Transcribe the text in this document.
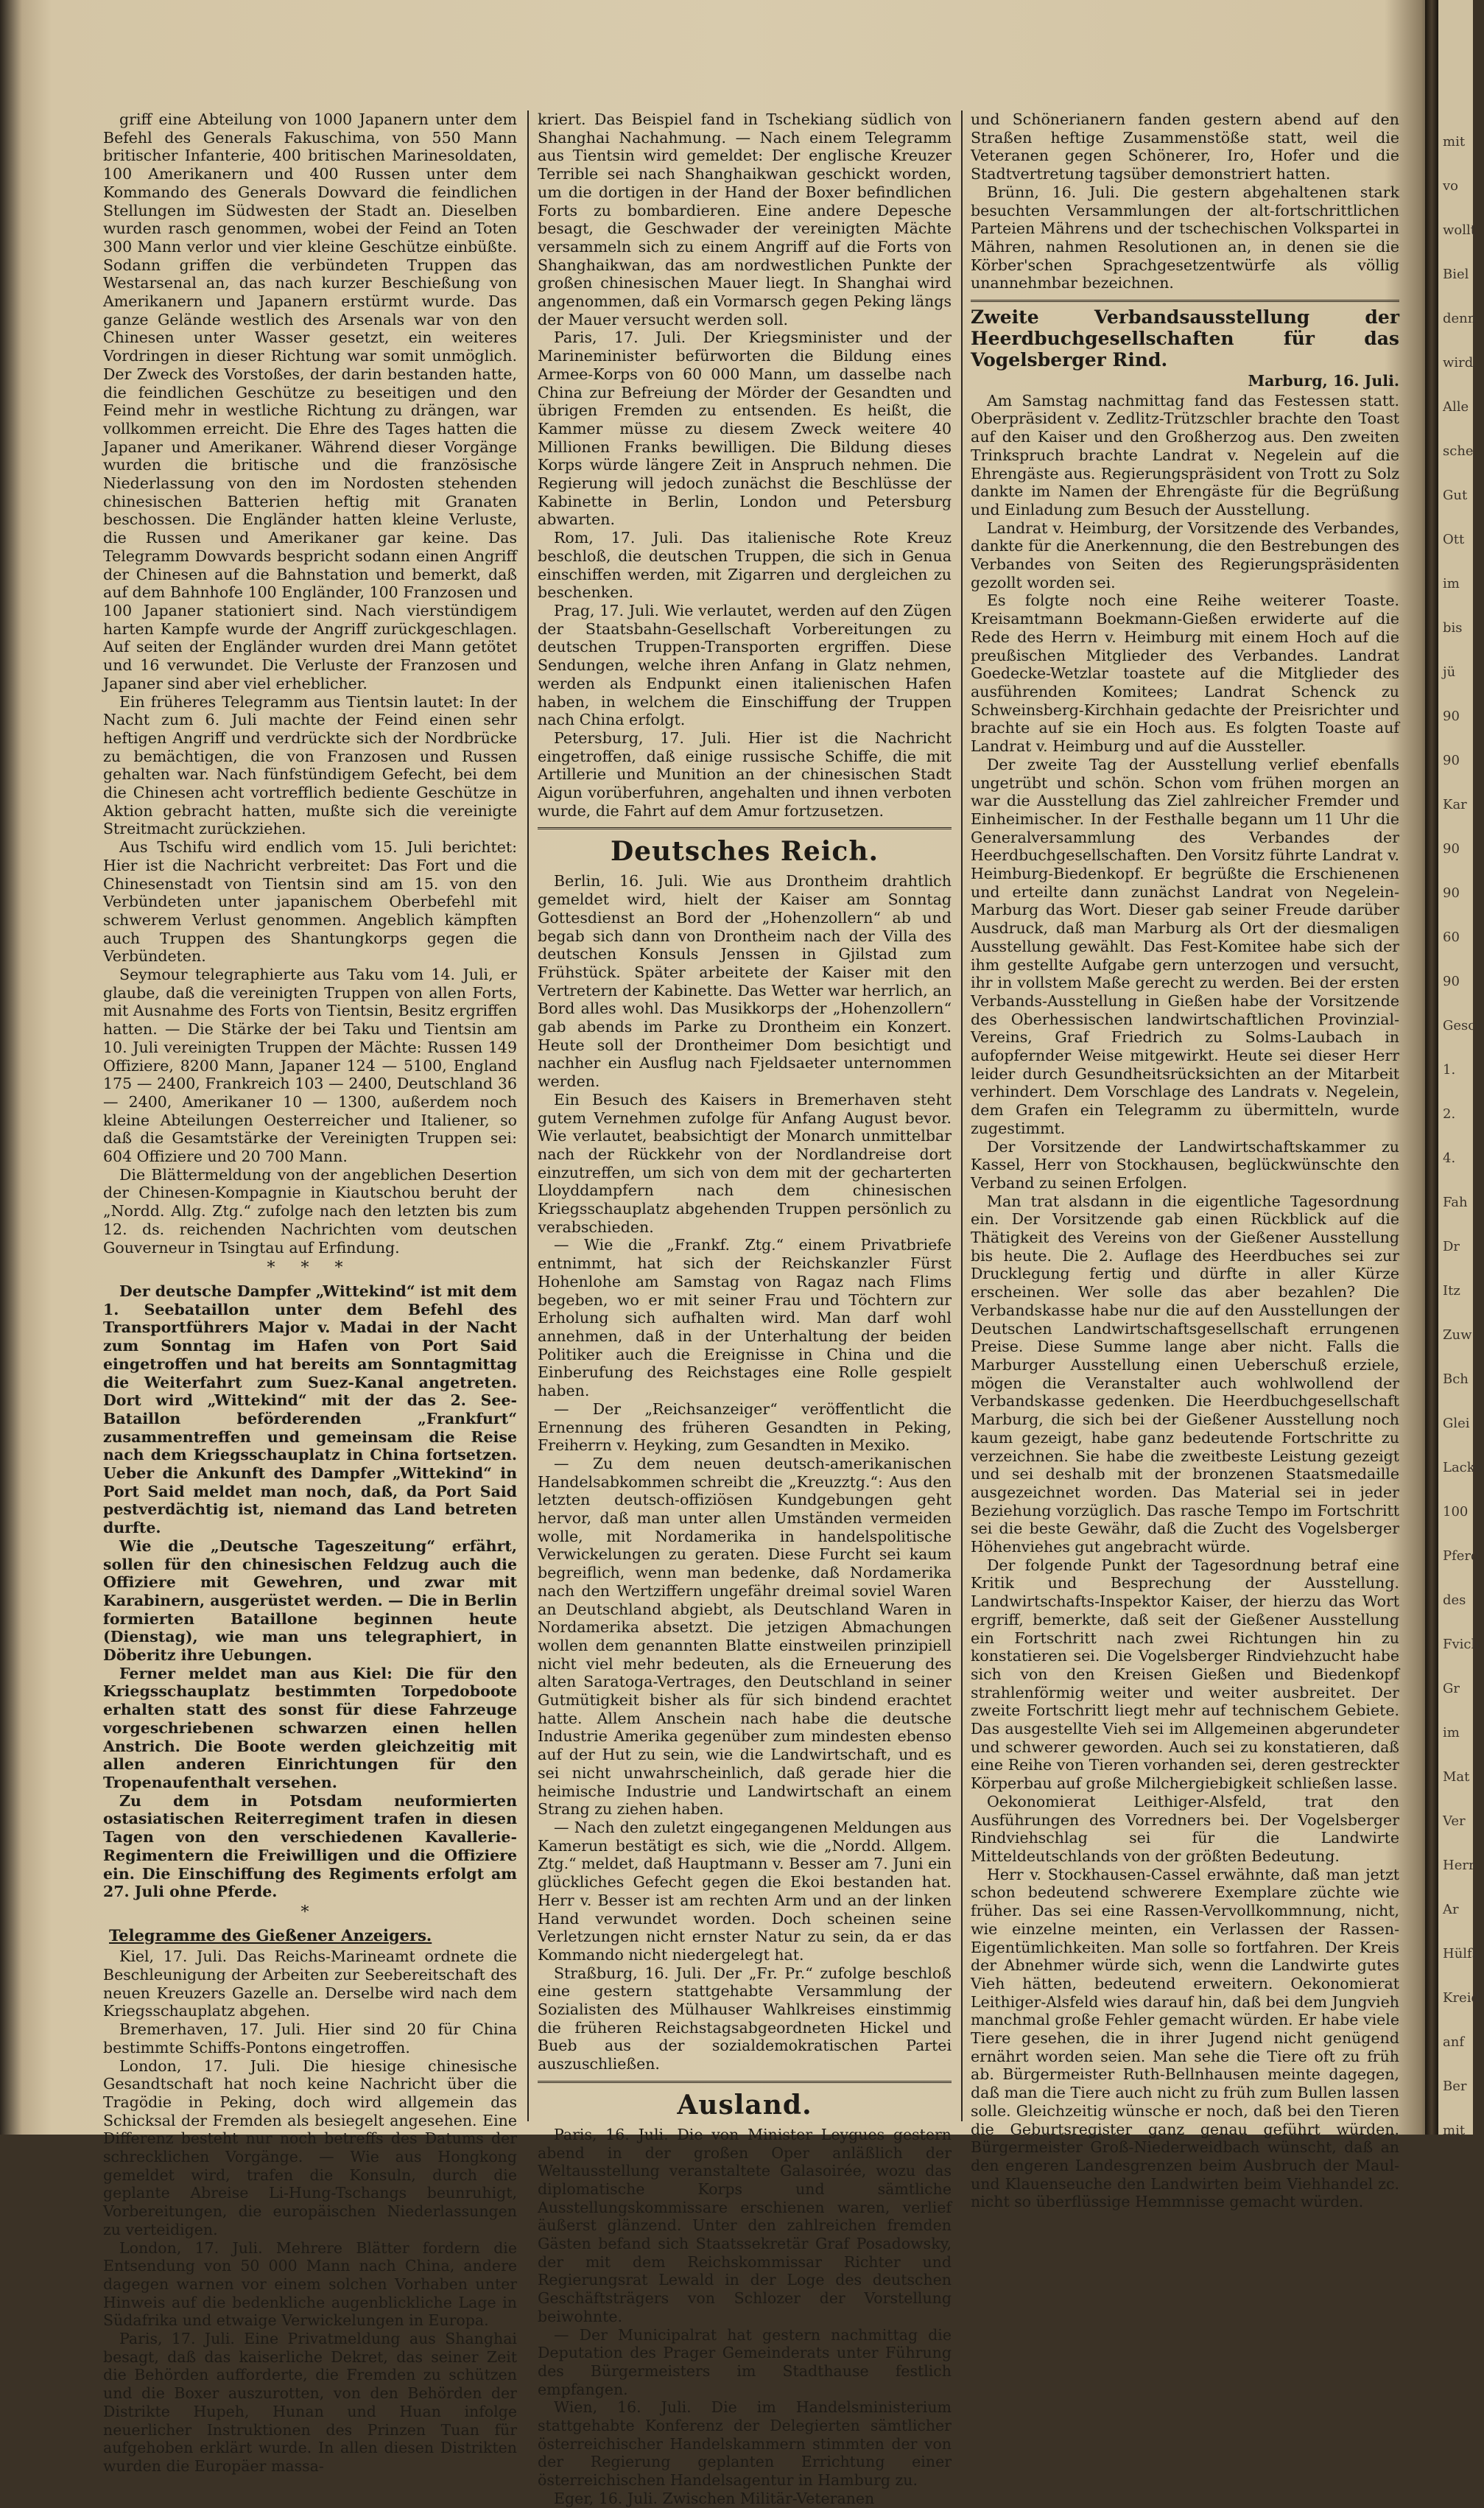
mit
vo
wollt
Biel
denn
wird
Alle
sche
Gut
Ott
im
bis
jü
90
90
Kar
90
90
60
90
Gesch
1.
2.
4.
Fah
Dr
Itz
Zuw
Bch
Glei
Lacke
100
Pferd
des
Fvich
Gr
im
Mat
Ver
Herr
Ar
Hülfs
Kreid
anf
Ber
mit

griff eine Abteilung von 1000 Japanern unter dem Befehl des Generals Fakuschima, von 550 Mann britischer Infanterie, 400 britischen Marinesoldaten, 100 Amerikanern und 400 Russen unter dem Kommando des Generals Dowvard die feindlichen Stellungen im Südwesten der Stadt an. Dieselben wurden rasch genommen, wobei der Feind an Toten 300 Mann verlor und vier kleine Geschütze einbüßte. Sodann griffen die verbündeten Truppen das Westarsenal an, das nach kurzer Beschießung von Amerikanern und Japanern erstürmt wurde. Das ganze Gelände westlich des Arsenals war von den Chinesen unter Wasser gesetzt, ein weiteres Vordringen in dieser Richtung war somit unmöglich. Der Zweck des Vorstoßes, der darin bestanden hatte, die feindlichen Geschütze zu beseitigen und den Feind mehr in westliche Richtung zu drängen, war vollkommen erreicht. Die Ehre des Tages hatten die Japaner und Amerikaner. Während dieser Vorgänge wurden die britische und die französische Niederlassung von den im Nordosten stehenden chinesischen Batterien heftig mit Granaten beschossen. Die Engländer hatten kleine Verluste, die Russen und Amerikaner gar keine. Das Telegramm Dowvards bespricht sodann einen Angriff der Chinesen auf die Bahnstation und bemerkt, daß auf dem Bahnhofe 100 Engländer, 100 Franzosen und 100 Japaner stationiert sind. Nach vierstündigem harten Kampfe wurde der Angriff zurückgeschlagen. Auf seiten der Engländer wurden drei Mann getötet und 16 verwundet. Die Verluste der Franzosen und Japaner sind aber viel erheblicher.

Ein früheres Telegramm aus Tientsin lautet: In der Nacht zum 6. Juli machte der Feind einen sehr heftigen Angriff und verdrückte sich der Nordbrücke zu bemächtigen, die von Franzosen und Russen gehalten war. Nach fünfstündigem Gefecht, bei dem die Chinesen acht vortrefflich bediente Geschütze in Aktion gebracht hatten, mußte sich die vereinigte Streitmacht zurückziehen.

Aus Tschifu wird endlich vom 15. Juli berichtet: Hier ist die Nachricht verbreitet: Das Fort und die Chinesenstadt von Tientsin sind am 15. von den Verbündeten unter japanischem Oberbefehl mit schwerem Verlust genommen. Angeblich kämpften auch Truppen des Shantungkorps gegen die Verbündeten.

Seymour telegraphierte aus Taku vom 14. Juli, er glaube, daß die vereinigten Truppen von allen Forts, mit Ausnahme des Forts von Tientsin, Besitz ergriffen hatten. — Die Stärke der bei Taku und Tientsin am 10. Juli vereinigten Truppen der Mächte: Russen 149 Offiziere, 8200 Mann, Japaner 124 — 5100, England 175 — 2400, Frankreich 103 — 2400, Deutschland 36 — 2400, Amerikaner 10 — 1300, außerdem noch kleine Abteilungen Oesterreicher und Italiener, so daß die Gesamtstärke der Vereinigten Truppen sei: 604 Offiziere und 20 700 Mann.

Die Blättermeldung von der angeblichen Desertion der Chinesen-Kompagnie in Kiautschou beruht der „Nordd. Allg. Ztg.“ zufolge nach den letzten bis zum 12. ds. reichenden Nachrichten vom deutschen Gouverneur in Tsingtau auf Erfindung.

* * *

Der deutsche Dampfer „Wittekind“ ist mit dem 1. Seebataillon unter dem Befehl des Transportführers Major v. Madai in der Nacht zum Sonntag im Hafen von Port Said eingetroffen und hat bereits am Sonntagmittag die Weiterfahrt zum Suez-Kanal angetreten. Dort wird „Wittekind“ mit der das 2. See-Bataillon beförderenden „Frankfurt“ zusammentreffen und gemeinsam die Reise nach dem Kriegsschauplatz in China fortsetzen. Ueber die Ankunft des Dampfer „Wittekind“ in Port Said meldet man noch, daß, da Port Said pestverdächtig ist, niemand das Land betreten durfte.

Wie die „Deutsche Tageszeitung“ erfährt, sollen für den chinesischen Feldzug auch die Offiziere mit Gewehren, und zwar mit Karabinern, ausgerüstet werden. — Die in Berlin formierten Bataillone beginnen heute (Dienstag), wie man uns telegraphiert, in Döberitz ihre Uebungen.

Ferner meldet man aus Kiel: Die für den Kriegsschauplatz bestimmten Torpedoboote erhalten statt des sonst für diese Fahrzeuge vorgeschriebenen schwarzen einen hellen Anstrich. Die Boote werden gleichzeitig mit allen anderen Einrichtungen für den Tropenaufenthalt versehen.

Zu dem in Potsdam neuformierten ostasiatischen Reiterregiment trafen in diesen Tagen von den verschiedenen Kavallerie-Regimentern die Freiwilligen und die Offiziere ein. Die Einschiffung des Regiments erfolgt am 27. Juli ohne Pferde.

*
Telegramme des Gießener Anzeigers.

Kiel, 17. Juli. Das Reichs-Marineamt ordnete die Beschleunigung der Arbeiten zur Seebereitschaft des neuen Kreuzers Gazelle an. Derselbe wird nach dem Kriegsschauplatz abgehen.

Bremerhaven, 17. Juli. Hier sind 20 für China bestimmte Schiffs-Pontons eingetroffen.

London, 17. Juli. Die hiesige chinesische Gesandtschaft hat noch keine Nachricht über die Tragödie in Peking, doch wird allgemein das Schicksal der Fremden als besiegelt angesehen. Eine Differenz besteht nur noch betreffs des Datums der schrecklichen Vorgänge. — Wie aus Hongkong gemeldet wird, trafen die Konsuln, durch die geplante Abreise Li-Hung-Tschangs beunruhigt, Vorbereitungen, die europäischen Niederlassungen zu verteidigen.

London, 17. Juli. Mehrere Blätter fordern die Entsendung von 50 000 Mann nach China, andere dagegen warnen vor einem solchen Vorhaben unter Hinweis auf die bedenkliche augenblickliche Lage in Südafrika und etwaige Verwickelungen in Europa.

Paris, 17. Juli. Eine Privatmeldung aus Shanghai besagt, daß das kaiserliche Dekret, das seiner Zeit die Behörden aufforderte, die Fremden zu schützen und die Boxer auszurotten, von den Behörden der Distrikte Hupeh, Hunan und Huan infolge neuerlicher Instruktionen des Prinzen Tuan für aufgehoben erklärt wurde. In allen diesen Distrikten wurden die Europäer massa-

kriert. Das Beispiel fand in Tschekiang südlich von Shanghai Nachahmung. — Nach einem Telegramm aus Tientsin wird gemeldet: Der englische Kreuzer Terrible sei nach Shanghaikwan geschickt worden, um die dortigen in der Hand der Boxer befindlichen Forts zu bombardieren. Eine andere Depesche besagt, die Geschwader der vereinigten Mächte versammeln sich zu einem Angriff auf die Forts von Shanghaikwan, das am nordwestlichen Punkte der großen chinesischen Mauer liegt. In Shanghai wird angenommen, daß ein Vormarsch gegen Peking längs der Mauer versucht werden soll.

Paris, 17. Juli. Der Kriegsminister und der Marineminister befürworten die Bildung eines Armee-Korps von 60 000 Mann, um dasselbe nach China zur Befreiung der Mörder der Gesandten und übrigen Fremden zu entsenden. Es heißt, die Kammer müsse zu diesem Zweck weitere 40 Millionen Franks bewilligen. Die Bildung dieses Korps würde längere Zeit in Anspruch nehmen. Die Regierung will jedoch zunächst die Beschlüsse der Kabinette in Berlin, London und Petersburg abwarten.

Rom, 17. Juli. Das italienische Rote Kreuz beschloß, die deutschen Truppen, die sich in Genua einschiffen werden, mit Zigarren und dergleichen zu beschenken.

Prag, 17. Juli. Wie verlautet, werden auf den Zügen der Staatsbahn-Gesellschaft Vorbereitungen zu deutschen Truppen-Transporten ergriffen. Diese Sendungen, welche ihren Anfang in Glatz nehmen, werden als Endpunkt einen italienischen Hafen haben, in welchem die Einschiffung der Truppen nach China erfolgt.

Petersburg, 17. Juli. Hier ist die Nachricht eingetroffen, daß einige russische Schiffe, die mit Artillerie und Munition an der chinesischen Stadt Aigun vorüberfuhren, angehalten und ihnen verboten wurde, die Fahrt auf dem Amur fortzusetzen.

Deutsches Reich.

Berlin, 16. Juli. Wie aus Drontheim drahtlich gemeldet wird, hielt der Kaiser am Sonntag Gottesdienst an Bord der „Hohenzollern“ ab und begab sich dann von Drontheim nach der Villa des deutschen Konsuls Jenssen in Gjilstad zum Frühstück. Später arbeitete der Kaiser mit den Vertretern der Kabinette. Das Wetter war herrlich, an Bord alles wohl. Das Musikkorps der „Hohenzollern“ gab abends im Parke zu Drontheim ein Konzert. Heute soll der Drontheimer Dom besichtigt und nachher ein Ausflug nach Fjeldsaeter unternommen werden.

Ein Besuch des Kaisers in Bremerhaven steht gutem Vernehmen zufolge für Anfang August bevor. Wie verlautet, beabsichtigt der Monarch unmittelbar nach der Rückkehr von der Nordlandreise dort einzutreffen, um sich von dem mit der gecharterten Lloyddampfern nach dem chinesischen Kriegsschauplatz abgehenden Truppen persönlich zu verabschieden.

— Wie die „Frankf. Ztg.“ einem Privatbriefe entnimmt, hat sich der Reichskanzler Fürst Hohenlohe am Samstag von Ragaz nach Flims begeben, wo er mit seiner Frau und Töchtern zur Erholung sich aufhalten wird. Man darf wohl annehmen, daß in der Unterhaltung der beiden Politiker auch die Ereignisse in China und die Einberufung des Reichstages eine Rolle gespielt haben.

— Der „Reichsanzeiger“ veröffentlicht die Ernennung des früheren Gesandten in Peking, Freiherrn v. Heyking, zum Gesandten in Mexiko.

— Zu dem neuen deutsch-amerikanischen Handelsabkommen schreibt die „Kreuzztg.“: Aus den letzten deutsch-offiziösen Kundgebungen geht hervor, daß man unter allen Umständen vermeiden wolle, mit Nordamerika in handelspolitische Verwickelungen zu geraten. Diese Furcht sei kaum begreiflich, wenn man bedenke, daß Nordamerika nach den Wertziffern ungefähr dreimal soviel Waren an Deutschland abgiebt, als Deutschland Waren in Nordamerika absetzt. Die jetzigen Abmachungen wollen dem genannten Blatte einstweilen prinzipiell nicht viel mehr bedeuten, als die Erneuerung des alten Saratoga-Vertrages, den Deutschland in seiner Gutmütigkeit bisher als für sich bindend erachtet hatte. Allem Anschein nach habe die deutsche Industrie Amerika gegenüber zum mindesten ebenso auf der Hut zu sein, wie die Landwirtschaft, und es sei nicht unwahrscheinlich, daß gerade hier die heimische Industrie und Landwirtschaft an einem Strang zu ziehen haben.

— Nach den zuletzt eingegangenen Meldungen aus Kamerun bestätigt es sich, wie die „Nordd. Allgem. Ztg.“ meldet, daß Hauptmann v. Besser am 7. Juni ein glückliches Gefecht gegen die Ekoi bestanden hat. Herr v. Besser ist am rechten Arm und an der linken Hand verwundet worden. Doch scheinen seine Verletzungen nicht ernster Natur zu sein, da er das Kommando nicht niedergelegt hat.

Straßburg, 16. Juli. Der „Fr. Pr.“ zufolge beschloß eine gestern stattgehabte Versammlung der Sozialisten des Mülhauser Wahlkreises einstimmig die früheren Reichstagsabgeordneten Hickel und Bueb aus der sozialdemokratischen Partei auszuschließen.

Ausland.

Paris, 16. Juli. Die von Minister Leygues gestern abend in der großen Oper anläßlich der Weltausstellung veranstaltete Galasoirée, wozu das diplomatische Korps und sämtliche Ausstellungskommissare erschienen waren, verlief äußerst glänzend. Unter den zahlreichen fremden Gästen befand sich Staatssekretär Graf Posadowsky, der mit dem Reichskommissar Richter und Regierungsrat Lewald in der Loge des deutschen Geschäftsträgers von Schlozer der Vorstellung beiwohnte.

— Der Municipalrat hat gestern nachmittag die Deputation des Prager Gemeinderats unter Führung des Bürgermeisters im Stadthause festlich empfangen.

Wien, 16. Juli. Die im Handelsministerium stattgehabte Konferenz der Delegierten sämtlicher österreichischer Handelskammern stimmten der von der Regierung geplanten Errichtung einer österreichischen Handelsagentur in Hamburg zu.

Eger, 16. Juli. Zwischen Militär-Veteranen

und Schönerianern fanden gestern abend auf den Straßen heftige Zusammenstöße statt, weil die Veteranen gegen Schönerer, Iro, Hofer und die Stadtvertretung tagsüber demonstriert hatten.

Brünn, 16. Juli. Die gestern abgehaltenen stark besuchten Versammlungen der alt-fortschrittlichen Parteien Mährens und der tschechischen Volkspartei in Mähren, nahmen Resolutionen an, in denen sie die Körber'schen Sprachgesetzentwürfe als völlig unannehmbar bezeichnen.

Zweite Verbandsausstellung der Heerdbuchgesellschaften für das Vogelsberger Rind.
Marburg, 16. Juli.

Am Samstag nachmittag fand das Festessen statt. Oberpräsident v. Zedlitz-Trützschler brachte den Toast auf den Kaiser und den Großherzog aus. Den zweiten Trinkspruch brachte Landrat v. Negelein auf die Ehrengäste aus. Regierungspräsident von Trott zu Solz dankte im Namen der Ehrengäste für die Begrüßung und Einladung zum Besuch der Ausstellung.

Landrat v. Heimburg, der Vorsitzende des Verbandes, dankte für die Anerkennung, die den Bestrebungen des Verbandes von Seiten des Regierungspräsidenten gezollt worden sei.

Es folgte noch eine Reihe weiterer Toaste. Kreisamtmann Boekmann-Gießen erwiderte auf die Rede des Herrn v. Heimburg mit einem Hoch auf die preußischen Mitglieder des Verbandes. Landrat Goedecke-Wetzlar toastete auf die Mitglieder des ausführenden Komitees; Landrat Schenck zu Schweinsberg-Kirchhain gedachte der Preisrichter und brachte auf sie ein Hoch aus. Es folgten Toaste auf Landrat v. Heimburg und auf die Aussteller.

Der zweite Tag der Ausstellung verlief ebenfalls ungetrübt und schön. Schon vom frühen morgen an war die Ausstellung das Ziel zahlreicher Fremder und Einheimischer. In der Festhalle begann um 11 Uhr die Generalversammlung des Verbandes der Heerdbuchgesellschaften. Den Vorsitz führte Landrat v. Heimburg-Biedenkopf. Er begrüßte die Erschienenen und erteilte dann zunächst Landrat von Negelein-Marburg das Wort. Dieser gab seiner Freude darüber Ausdruck, daß man Marburg als Ort der diesmaligen Ausstellung gewählt. Das Fest-Komitee habe sich der ihm gestellte Aufgabe gern unterzogen und versucht, ihr in vollstem Maße gerecht zu werden. Bei der ersten Verbands-Ausstellung in Gießen habe der Vorsitzende des Oberhessischen landwirtschaftlichen Provinzial-Vereins, Graf Friedrich zu Solms-Laubach in aufopfernder Weise mitgewirkt. Heute sei dieser Herr leider durch Gesundheitsrücksichten an der Mitarbeit verhindert. Dem Vorschlage des Landrats v. Negelein, dem Grafen ein Telegramm zu übermitteln, wurde zugestimmt.

Der Vorsitzende der Landwirtschaftskammer zu Kassel, Herr von Stockhausen, beglückwünschte den Verband zu seinen Erfolgen.

Man trat alsdann in die eigentliche Tagesordnung ein. Der Vorsitzende gab einen Rückblick auf die Thätigkeit des Vereins von der Gießener Ausstellung bis heute. Die 2. Auflage des Heerdbuches sei zur Drucklegung fertig und dürfte in aller Kürze erscheinen. Wer solle das aber bezahlen? Die Verbandskasse habe nur die auf den Ausstellungen der Deutschen Landwirtschaftsgesellschaft errungenen Preise. Diese Summe lange aber nicht. Falls die Marburger Ausstellung einen Ueberschuß erziele, mögen die Veranstalter auch wohlwollend der Verbandskasse gedenken. Die Heerdbuchgesellschaft Marburg, die sich bei der Gießener Ausstellung noch kaum gezeigt, habe ganz bedeutende Fortschritte zu verzeichnen. Sie habe die zweitbeste Leistung gezeigt und sei deshalb mit der bronzenen Staatsmedaille ausgezeichnet worden. Das Material sei in jeder Beziehung vorzüglich. Das rasche Tempo im Fortschritt sei die beste Gewähr, daß die Zucht des Vogelsberger Höhenviehes gut angebracht würde.

Der folgende Punkt der Tagesordnung betraf eine Kritik und Besprechung der Ausstellung. Landwirtschafts-Inspektor Kaiser, der hierzu das Wort ergriff, bemerkte, daß seit der Gießener Ausstellung ein Fortschritt nach zwei Richtungen hin zu konstatieren sei. Die Vogelsberger Rindviehzucht habe sich von den Kreisen Gießen und Biedenkopf strahlenförmig weiter und weiter ausbreitet. Der zweite Fortschritt liegt mehr auf technischem Gebiete. Das ausgestellte Vieh sei im Allgemeinen abgerundeter und schwerer geworden. Auch sei zu konstatieren, daß eine Reihe von Tieren vorhanden sei, deren gestreckter Körperbau auf große Milchergiebigkeit schließen lasse.

Oekonomierat Leithiger-Alsfeld, trat den Ausführungen des Vorredners bei. Der Vogelsberger Rindviehschlag sei für die Landwirte Mitteldeutschlands von der größten Bedeutung.

Herr v. Stockhausen-Cassel erwähnte, daß man jetzt schon bedeutend schwerere Exemplare züchte wie früher. Das sei eine Rassen-Vervollkommnung, nicht, wie einzelne meinten, ein Verlassen der Rassen-Eigentümlichkeiten. Man solle so fortfahren. Der Kreis der Abnehmer würde sich, wenn die Landwirte gutes Vieh hätten, bedeutend erweitern. Oekonomierat Leithiger-Alsfeld wies darauf hin, daß bei dem Jungvieh manchmal große Fehler gemacht würden. Er habe viele Tiere gesehen, die in ihrer Jugend nicht genügend ernährt worden seien. Man sehe die Tiere oft zu früh ab. Bürgermeister Ruth-Bellnhausen meinte dagegen, daß man die Tiere auch nicht zu früh zum Bullen lassen solle. Gleichzeitig wünsche er noch, daß bei den Tieren die Geburtsregister ganz genau geführt würden. Bürgermeister Groß-Niederweidbach wünscht, daß an den engeren Landesgrenzen beim Ausbruch der Maul- und Klauenseuche den Landwirten beim Viehhandel zc. nicht so überflüssige Hemmnisse gemacht würden.
